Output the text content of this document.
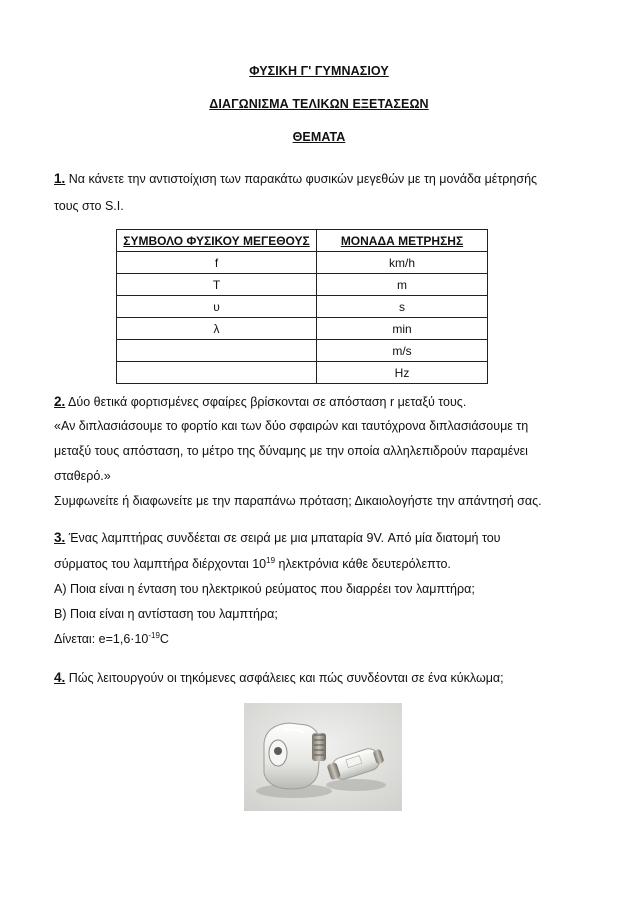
ΦΥΣΙΚΗ Γ' ΓΥΜΝΑΣΙΟΥ
ΔΙΑΓΩΝΙΣΜΑ ΤΕΛΙΚΩΝ ΕΞΕΤΑΣΕΩΝ
ΘΕΜΑΤΑ
1. Να κάνετε την αντιστοίχιση των παρακάτω φυσικών μεγεθών με τη μονάδα μέτρησής
τους στο S.I.
ΣΥΜΒΟΛΟ ΦΥΣΙΚΟΥ ΜΕΓΕΘΟΥΣ	ΜΟΝΑΔΑ ΜΕΤΡΗΣΗΣ
f	km/h
T	m
υ	s
λ	min
	m/s
	Hz
2. Δύο θετικά φορτισμένες σφαίρες βρίσκονται σε απόσταση r μεταξύ τους.
«Αν διπλασιάσουμε το φορτίο και των δύο σφαιρών και ταυτόχρονα διπλασιάσουμε τη
μεταξύ τους απόσταση, το μέτρο της δύναμης με την οποία αλληλεπιδρούν παραμένει
σταθερό.»
Συμφωνείτε ή διαφωνείτε με την παραπάνω πρόταση; Δικαιολογήστε την απάντησή σας.
3. Ένας λαμπτήρας συνδέεται σε σειρά με μια μπαταρία 9V. Από μία διατομή του
σύρματος του λαμπτήρα διέρχονται $10^{19}$ ηλεκτρόνια κάθε δευτερόλεπτο.
Α) Ποια είναι η ένταση του ηλεκτρικού ρεύματος που διαρρέει τον λαμπτήρα;
Β) Ποια είναι η αντίσταση του λαμπτήρα;
Δίνεται: $e=1,6\cdot 10^{-19}C$
4. Πώς λειτουργούν οι τηκόμενες ασφάλειες και πώς συνδέονται σε ένα κύκλωμα;
